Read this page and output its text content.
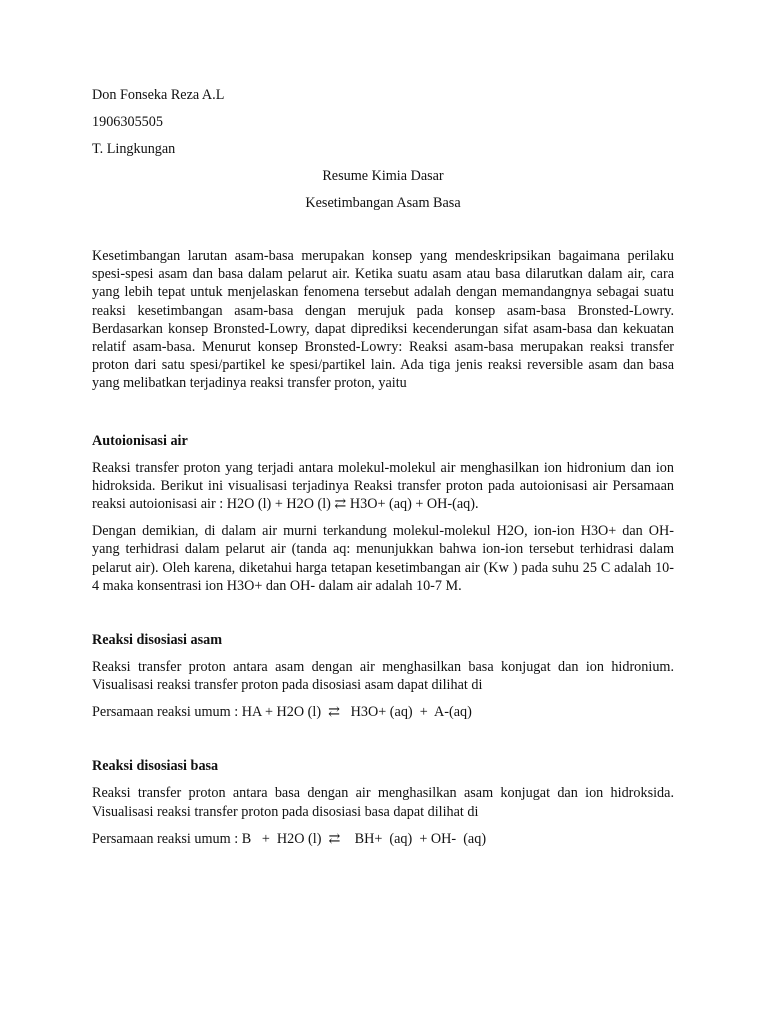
Don Fonseka Reza A.L

1906305505

T. Lingkungan

Resume Kimia Dasar

Kesetimbangan Asam Basa

Kesetimbangan larutan asam-basa merupakan konsep yang mendeskripsikan bagaimana perilaku spesi-spesi asam dan basa dalam pelarut air. Ketika suatu asam atau basa dilarutkan dalam air, cara yang lebih tepat untuk menjelaskan fenomena tersebut adalah dengan memandangnya sebagai suatu reaksi kesetimbangan asam-basa dengan merujuk pada konsep asam-basa Bronsted-Lowry. Berdasarkan konsep Bronsted-Lowry, dapat diprediksi kecenderungan sifat asam-basa dan kekuatan relatif asam-basa. Menurut konsep Bronsted-Lowry: Reaksi asam-basa merupakan reaksi transfer proton dari satu spesi/partikel ke spesi/partikel lain. Ada tiga jenis reaksi reversible asam dan basa yang melibatkan terjadinya reaksi transfer proton, yaitu

Autoionisasi air

Reaksi transfer proton yang terjadi antara molekul-molekul air menghasilkan ion hidronium dan ion hidroksida. Berikut ini visualisasi terjadinya Reaksi transfer proton pada autoionisasi air Persamaan reaksi autoionisasi air : H2O (l) + H2O (l) ⇄ H3O+ (aq) + OH-(aq).

Dengan demikian, di dalam air murni terkandung molekul-molekul H2O, ion-ion H3O+ dan OH- yang terhidrasi dalam pelarut air (tanda aq: menunjukkan bahwa ion-ion tersebut terhidrasi dalam pelarut air). Oleh karena, diketahui harga tetapan kesetimbangan air (Kw ) pada suhu 25 C adalah 10-4 maka konsentrasi ion H3O+ dan OH- dalam air adalah 10-7 M.

Reaksi disosiasi asam

Reaksi transfer proton antara asam dengan air menghasilkan basa konjugat dan ion hidronium. Visualisasi reaksi transfer proton pada disosiasi asam dapat dilihat di

Persamaan reaksi umum : HA + H2O (l)  ⇄   H3O+ (aq)  +  A-(aq)

Reaksi disosiasi basa

Reaksi transfer proton antara basa dengan air menghasilkan asam konjugat dan ion hidroksida. Visualisasi reaksi transfer proton pada disosiasi basa dapat dilihat di

Persamaan reaksi umum : B   +  H2O (l)  ⇄    BH+  (aq)  + OH-  (aq)
